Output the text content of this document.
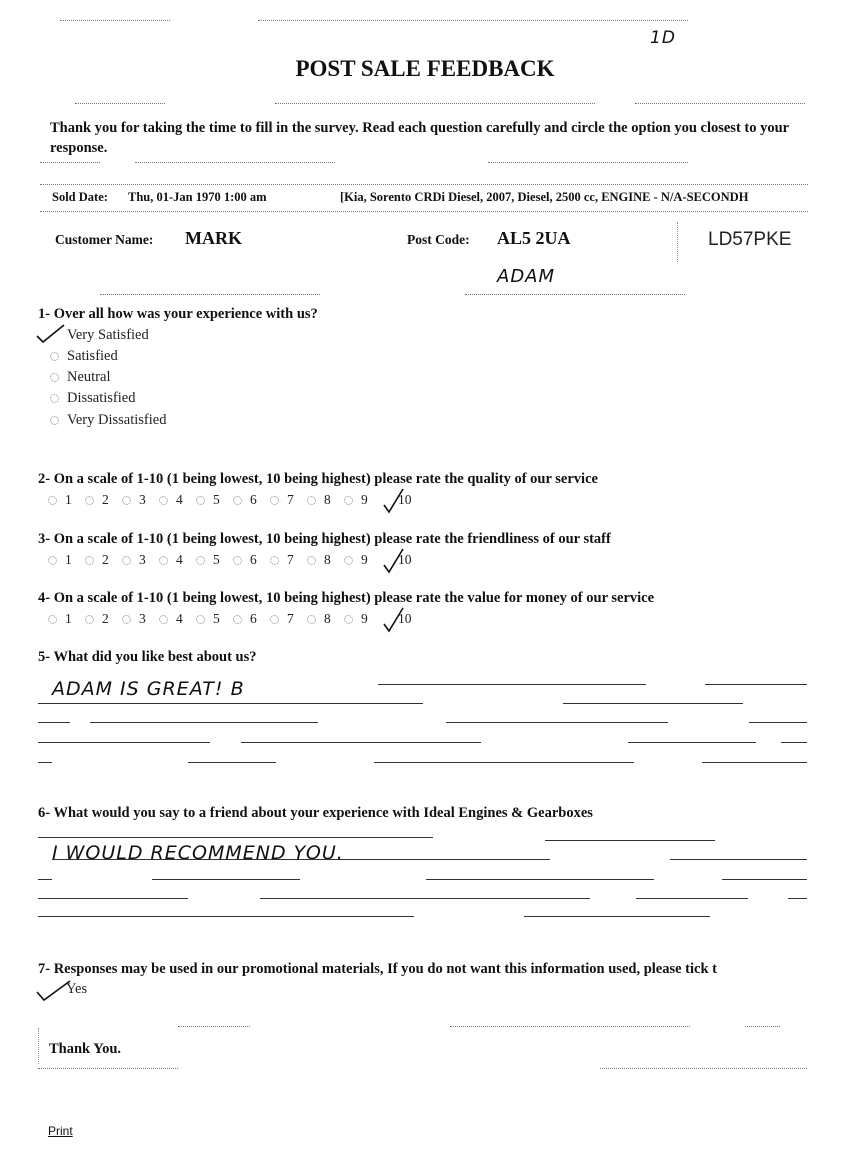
1D
POST SALE FEEDBACK
Thank you for taking the time to fill in the survey. Read each question carefully and circle the option you closest to your response.
Sold Date: Thu, 01-Jan 1970 1:00 am	[Kia, Sorento CRDi Diesel, 2007, Diesel, 2500 cc, ENGINE - N/A-SECONDH
Customer Name: MARK	Post Code: AL5 2UA	LD57PKE
ADAM
1- Over all how was your experience with us?
Very Satisfied
Satisfied
Neutral
Dissatisfied
Very Dissatisfied
2- On a scale of 1-10 (1 being lowest, 10 being highest) please rate the quality of our service
1 2 3 4 5 6 7 8 9 10
3- On a scale of 1-10 (1 being lowest, 10 being highest) please rate the friendliness of our staff
1 2 3 4 5 6 7 8 9 10
4- On a scale of 1-10 (1 being lowest, 10 being highest) please rate the value for money of our service
1 2 3 4 5 6 7 8 9 10
5- What did you like best about us?
ADAM IS GREAT! B
6- What would you say to a friend about your experience with Ideal Engines & Gearboxes
I WOULD RECOMMEND YOU.
7- Responses may be used in our promotional materials, If you do not want this information used, please tick t
Yes
Thank You.
Print
